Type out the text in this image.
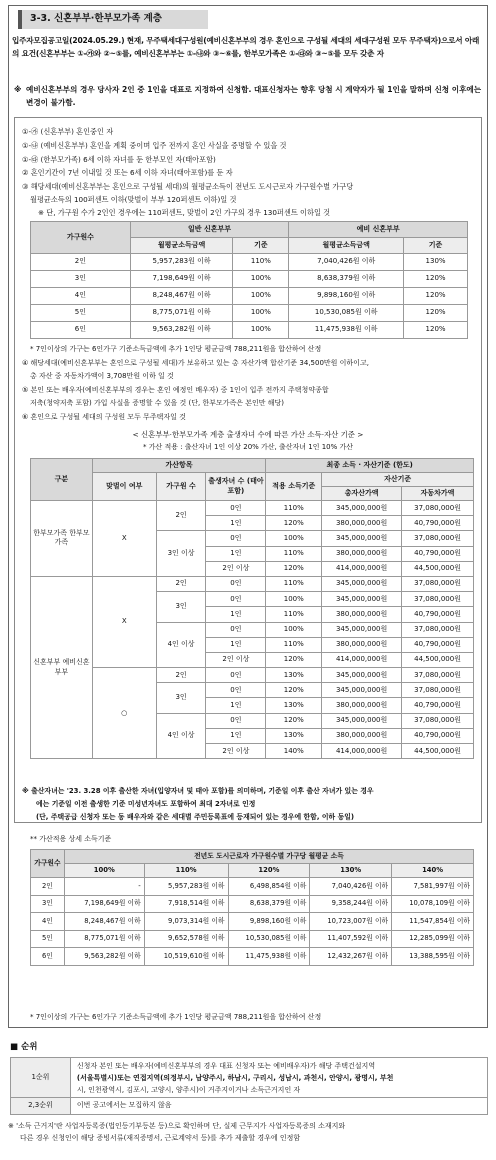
3-3. 신혼부부·한부모가족 계층
입주자모집공고일(2024.05.29.) 현재, 무주택세대구성원(예비신혼부부의 경우 혼인으로 구성될 세대의 세대구성원 모두 무주택자)으로서 아래의 요건(신혼부부는 ①-㉮와 ②~⑤를, 예비신혼부부는 ①-㉯와 ③~⑥를, 한부모가족은 ①-㉰와 ③~⑤를 모두 갖춘 자
※ 예비신혼부부의 경우 당사자 2인 중 1인을 대표로 지정하여 신청함. 대표신청자는 향후 당첨 시 계약자가 될 1인을 말하며 신청 이후에는 변경이 불가함.
①-㉮ (신혼부부) 혼인중인 자
①-㉯ (예비신혼부부) 혼인을 계획 중이며 입주 전까지 혼인 사실을 증명할 수 있을 것
①-㉰ (한부모가족) 6세 이하 자녀를 둔 한부모인 자(태아포함)
② 혼인기간이 7년 이내일 것 또는 6세 이하 자녀(태아포함)를 둔 자
③ 해당세대(예비신혼부부는 혼인으로 구성될 세대)의 월평균소득이 전년도 도시근로자 가구원수별 가구당
월평균소득의 100퍼센트 이하(맞벌이 부부 120퍼센트 이하)일 것
※ 단, 가구원 수가 2인인 경우에는 110퍼센트, 맞벌이 2인 가구의 경우 130퍼센트 이하일 것
가구원수	일반 신혼부부		예비 신혼부부	
	월평균소득금액	기준	월평균소득금액	기준
2인	5,957,283원 이하	110%	7,040,426원 이하	130%
3인	7,198,649원 이하	100%	8,638,379원 이하	120%
4인	8,248,467원 이하	100%	9,898,160원 이하	120%
5인	8,775,071원 이하	100%	10,530,085원 이하	120%
6인	9,563,282원 이하	100%	11,475,938원 이하	120%
* 7인이상의 가구는 6인가구 기준소득금액에 추가 1인당 평균금액 788,211원을 합산하여 산정
④ 해당세대(예비신혼부부는 혼인으로 구성될 세대)가 보유하고 있는 총 자산가액 합산기준 34,500만원 이하이고,
총 자산 중 자동차가액이 3,708만원 이하 일 것
⑤ 본인 또는 배우자(예비신혼부부의 경우는 혼인 예정인 배우자) 중 1인이 입주 전까지 주택청약종합
저축(청약저축 포함) 가입 사실을 증명할 수 있을 것 (단, 한부모가족은 본인만 해당)
⑥ 혼인으로 구성될 세대의 구성원 모두 무주택자일 것
< 신혼부부·한부모가족 계층 출생자녀 수에 따른 가산 소득·자산 기준 >
* 가산 적용 : 출산자녀 1인 이상 20% 가산, 출산자녀 1인 10% 가산
구분	가산항목			최종 소득 · 자산기준 (한도)		
	맞벌이 여부	가구원 수	출생자녀 수 (태아포함)	적용 소득기준	자산기준	
					총자산가액	자동차가액
한부모가족 한부모가족	X	2인	0인	110%	345,000,000원	37,080,000원
			1인	120%	380,000,000원	40,790,000원
		3인 이상	0인	100%	345,000,000원	37,080,000원
			1인	110%	380,000,000원	40,790,000원
			2인 이상	120%	414,000,000원	44,500,000원
신혼부부 예비신혼부부	X	2인	0인	110%	345,000,000원	37,080,000원
		3인	0인	100%	345,000,000원	37,080,000원
			1인	110%	380,000,000원	40,790,000원
		4인 이상	0인	100%	345,000,000원	37,080,000원
			1인	110%	380,000,000원	40,790,000원
			2인 이상	120%	414,000,000원	44,500,000원
	○	2인	0인	130%	345,000,000원	37,080,000원
		3인	0인	120%	345,000,000원	37,080,000원
			1인	130%	380,000,000원	40,790,000원
		4인 이상	0인	120%	345,000,000원	37,080,000원
			1인	130%	380,000,000원	40,790,000원
			2인 이상	140%	414,000,000원	44,500,000원
※ 출산자녀는 '23. 3.28 이후 출산한 자녀(입양자녀 및 태아 포함)를 의미하며, 기준일 이후 출산 자녀가 있는 경우
에는 기준일 이전 출생한 기준 미성년자녀도 포함하여 최대 2자녀로 인정
(단, 주택공급 신청자 또는 동 배우자와 같은 세대별 주민등록표에 등재되어 있는 경우에 한함, 이하 동일)
** 가산적용 상세 소득기준
가구원수	전년도 도시근로자 가구원수별 가구당 월평균 소득				
	100%	110%	120%	130%	140%
2인	-	5,957,283원 이하	6,498,854원 이하	7,040,426원 이하	7,581,997원 이하
3인	7,198,649원 이하	7,918,514원 이하	8,638,379원 이하	9,358,244원 이하	10,078,109원 이하
4인	8,248,467원 이하	9,073,314원 이하	9,898,160원 이하	10,723,007원 이하	11,547,854원 이하
5인	8,775,071원 이하	9,652,578원 이하	10,530,085원 이하	11,407,592원 이하	12,285,099원 이하
6인	9,563,282원 이하	10,519,610원 이하	11,475,938원 이하	12,432,267원 이하	13,388,595원 이하
* 7인이상의 가구는 6인가구 기준소득금액에 추가 1인당 평균금액 788,211원을 합산하여 산정
■ 순위
1순위	신청자 본인 또는 배우자(예비신혼부부의 경우 대표 신청자 또는 예비배우자)가 해당 주택건설지역
(서울특별시)또는 연접지역(의정부시, 남양주시, 하남시, 구리시, 성남시, 과천시, 안양시, 광명시, 부천
시, 인천광역시, 김포시, 고양시, 양주시)이 거주지이거나 소득근거지인 자

2,3순위	이번 공고에서는 모집하지 않음
※ '소득 근거지'란 사업자등록증(법인등기부등본 등)으로 확인하며 단, 실제 근무지가 사업자등록증의 소재지와
다른 경우 신청인이 해당 증빙서류(재직증명서, 근로계약서 등)를 추가 제출할 경우에 인정함
